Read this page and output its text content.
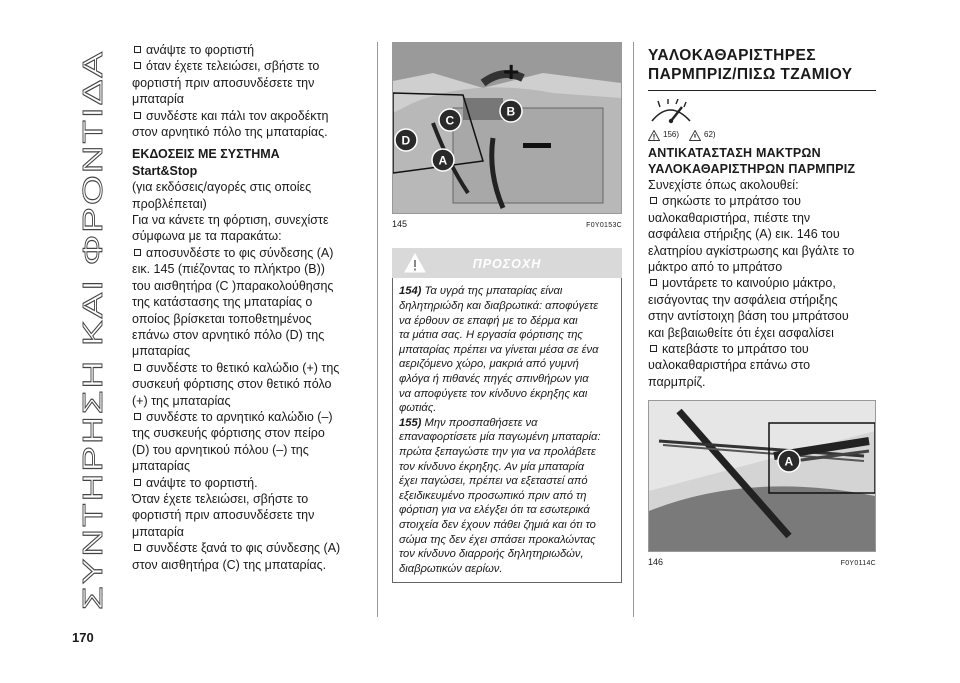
ΣΥΝΤΗΡΗΣΗ ΚΑΙ ΦΡΟΝΤΙΔΑ
170

ανάψτε το φορτιστή

όταν έχετε τελειώσει, σβήστε το

φορτιστή πριν αποσυνδέσετε την

μπαταρία

συνδέστε και πάλι τον ακροδέκτη

στον αρνητικό πόλο της μπαταρίας.

ΕΚΔΟΣΕΙΣ ΜΕ ΣΥΣΤΗΜΑ

Start&Stop

(για εκδόσεις/αγορές στις οποίες

προβλέπεται)

Για να κάνετε τη φόρτιση, συνεχίστε

σύμφωνα με τα παρακάτω:

αποσυνδέστε το φις σύνδεσης (A)

εικ. 145 (πιέζοντας το πλήκτρο (B))

του αισθητήρα (C )παρακολούθησης

της κατάστασης της μπαταρίας ο

οποίος βρίσκεται τοποθετημένος

επάνω στον αρνητικό πόλο (D) της

μπαταρίας

συνδέστε το θετικό καλώδιο (+) της

συσκευή φόρτισης στον θετικό πόλο

(+) της μπαταρίας

συνδέστε το αρνητικό καλώδιο (–)

της συσκευής φόρτισης στον πείρο

(D) του αρνητικού πόλου (–) της

μπαταρίας

ανάψτε το φορτιστή.

Όταν έχετε τελειώσει, σβήστε το

φορτιστή πριν αποσυνδέσετε την

μπαταρία

συνδέστε ξανά το φις σύνδεσης (A)

στον αισθητήρα (C) της μπαταρίας.

+
B
C
D
A
145	F0Y0153C
ΠΡΟΣΟΧΗ

154) Τα υγρά της μπαταρίας είναι

δηλητηριώδη και διαβρωτικά: αποφύγετε

να έρθουν σε επαφή με το δέρμα και

τα μάτια σας. Η εργασία φόρτισης της

μπαταρίας πρέπει να γίνεται μέσα σε ένα

αεριζόμενο χώρο, μακριά από γυμνή

φλόγα ή πιθανές πηγές σπινθήρων για

να αποφύγετε τον κίνδυνο έκρηξης και

φωτιάς.

155) Μην προσπαθήσετε να

επαναφορτίσετε μία παγωμένη μπαταρία:

πρώτα ξεπαγώστε την για να προλάβετε

τον κίνδυνο έκρηξης. Αν μία μπαταρία

έχει παγώσει, πρέπει να εξεταστεί από

εξειδικευμένο προσωπικό πριν από τη

φόρτιση για να ελέγξει ότι τα εσωτερικά

στοιχεία δεν έχουν πάθει ζημιά και ότι το

σώμα της δεν έχει σπάσει προκαλώντας

τον κίνδυνο διαρροής δηλητηριωδών,

διαβρωτικών αερίων.

ΥΑΛΟΚΑΘΑΡΙΣΤΗΡΕΣ

ΠΑΡΜΠΡΙΖ/ΠΙΣΩ ΤΖΑΜΙΟΥ

156)	62)

ΑΝΤΙΚΑΤΑΣΤΑΣΗ ΜΑΚΤΡΩΝ

ΥΑΛΟΚΑΘΑΡΙΣΤΗΡΩΝ ΠΑΡΜΠΡΙΖ

Συνεχίστε όπως ακολουθεί:

σηκώστε το μπράτσο του

υαλοκαθαριστήρα, πιέστε την

ασφάλεια στήριξης (A) εικ. 146 του

ελατηρίου αγκίστρωσης και βγάλτε το

μάκτρο από το μπράτσο

μοντάρετε το καινούριο μάκτρο,

εισάγοντας την ασφάλεια στήριξης

στην αντίστοιχη βάση του μπράτσου

και βεβαιωθείτε ότι έχει ασφαλίσει

κατεβάστε το μπράτσο του

υαλοκαθαριστήρα επάνω στο

παρμπρίζ.

A
146	F0Y0114C
